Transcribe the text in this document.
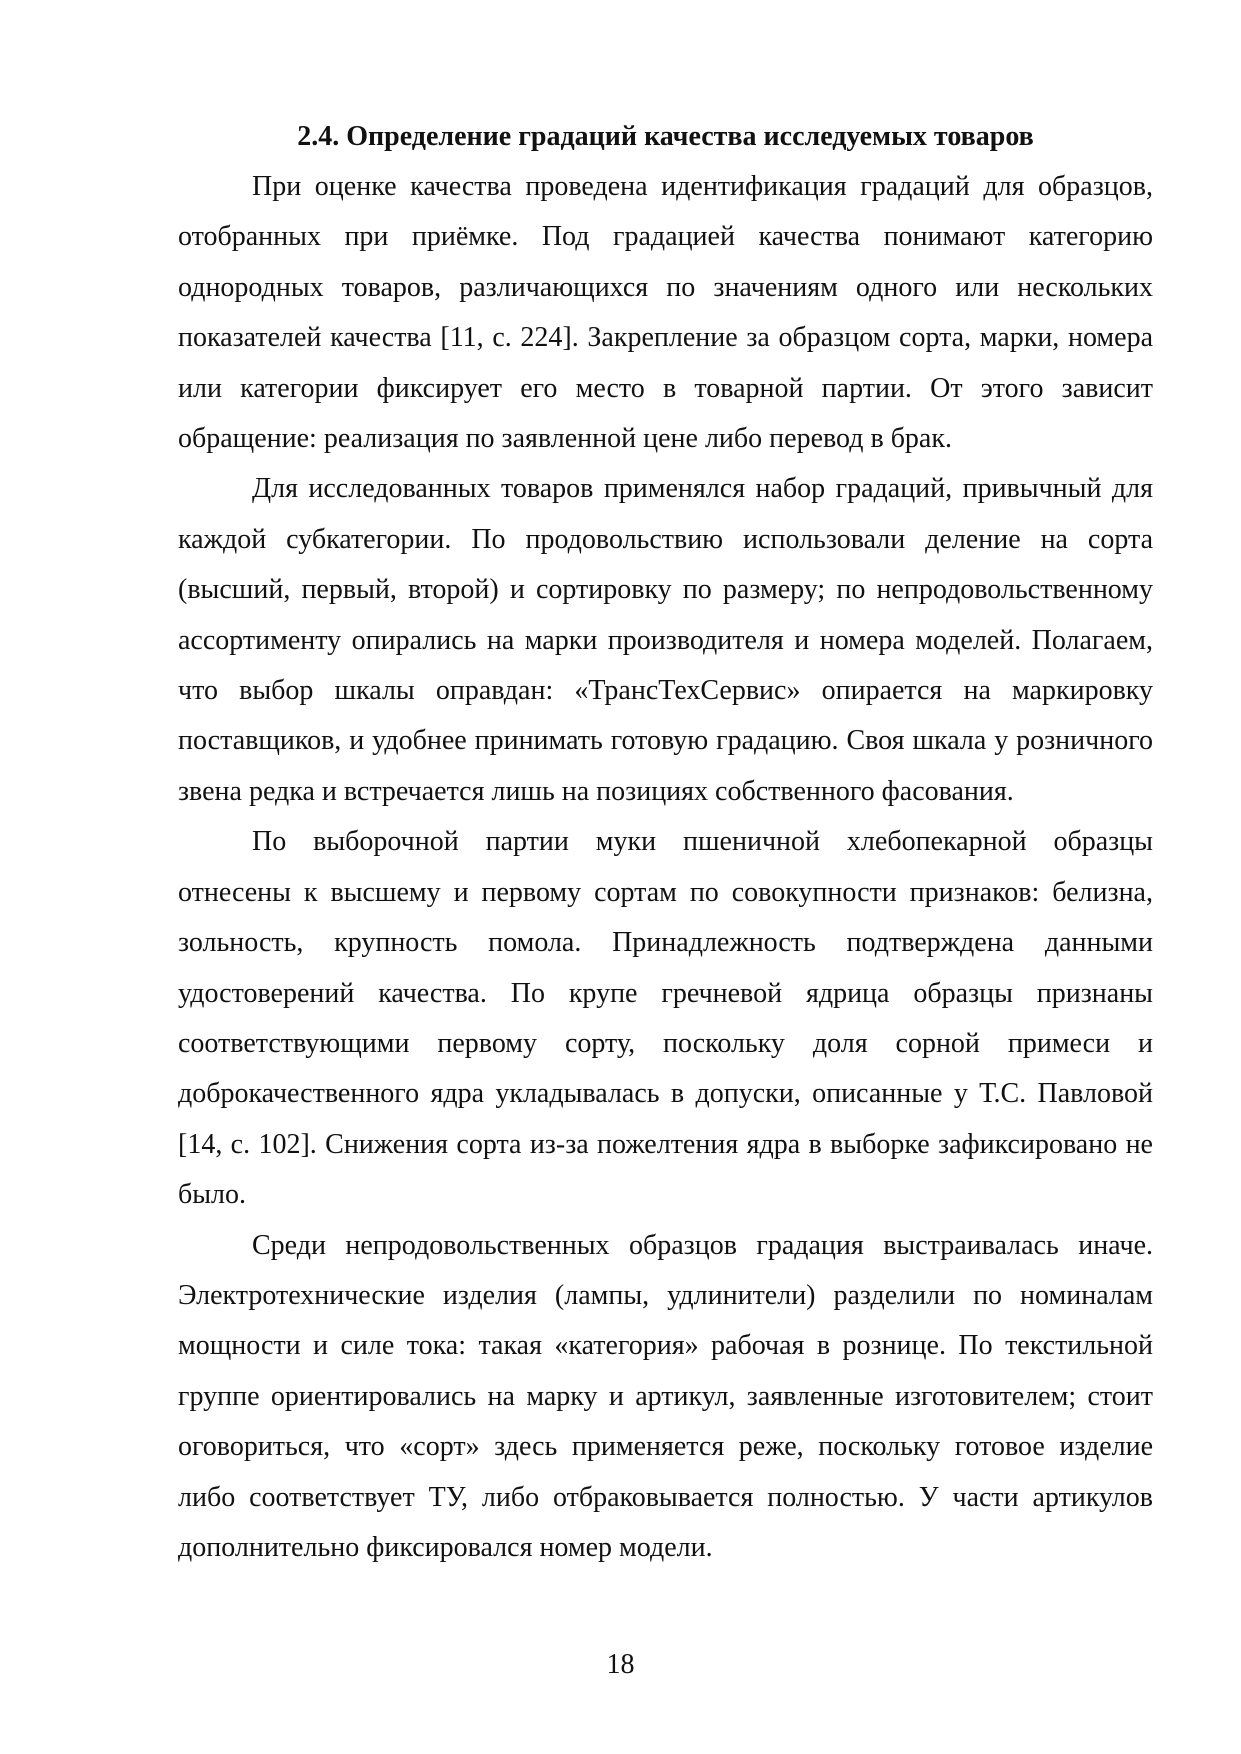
2.4. Определение градаций качества исследуемых товаров

При оценке качества проведена идентификация градаций для образцов, отобранных при приёмке. Под градацией качества понимают категорию однородных товаров, различающихся по значениям одного или нескольких показателей качества [11, с. 224]. Закрепление за образцом сорта, марки, номера или категории фиксирует его место в товарной партии. От этого зависит обращение: реализация по заявленной цене либо перевод в брак.

Для исследованных товаров применялся набор градаций, привычный для каждой субкатегории. По продовольствию использовали деление на сорта (высший, первый, второй) и сортировку по размеру; по непродовольственному ассортименту опирались на марки производителя и номера моделей. Полагаем, что выбор шкалы оправдан: «ТрансТехСервис» опирается на маркировку поставщиков, и удобнее принимать готовую градацию. Своя шкала у розничного звена редка и встречается лишь на позициях собственного фасования.

По выборочной партии муки пшеничной хлебопекарной образцы отнесены к высшему и первому сортам по совокупности признаков: белизна, зольность, крупность помола. Принадлежность подтверждена данными удостоверений качества. По крупе гречневой ядрица образцы признаны соответствующими первому сорту, поскольку доля сорной примеси и доброкачественного ядра укладывалась в допуски, описанные у Т.С. Павловой [14, с. 102]. Снижения сорта из-за пожелтения ядра в выборке зафиксировано не было.

Среди непродовольственных образцов градация выстраивалась иначе. Электротехнические изделия (лампы, удлинители) разделили по номиналам мощности и силе тока: такая «категория» рабочая в рознице. По текстильной группе ориентировались на марку и артикул, заявленные изготовителем; стоит оговориться, что «сорт» здесь применяется реже, поскольку готовое изделие либо соответствует ТУ, либо отбраковывается полностью. У части артикулов дополнительно фиксировался номер модели.

18
